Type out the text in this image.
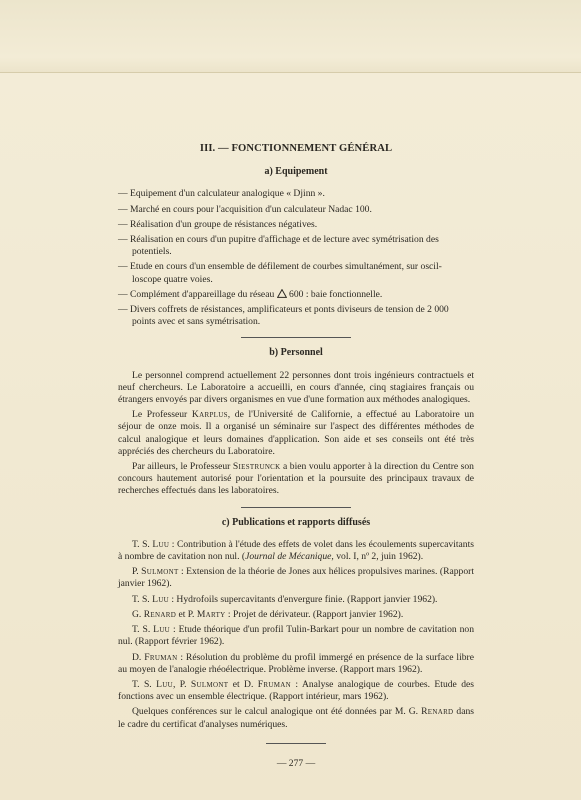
III. — FONCTIONNEMENT GÉNÉRAL
a) Equipement
— Equipement d'un calculateur analogique « Djinn ».
— Marché en cours pour l'acquisition d'un calculateur Nadac 100.
— Réalisation d'un groupe de résistances négatives.
— Réalisation en cours d'un pupitre d'affichage et de lecture avec symétrisation des
potentiels.
— Etude en cours d'un ensemble de défilement de courbes simultanément, sur oscil-
loscope quatre voies.
— Complément d'appareillage du réseau  600 : baie fonctionnelle.
— Divers coffrets de résistances, amplificateurs et ponts diviseurs de tension de 2 000
points avec et sans symétrisation.
b) Personnel

Le personnel comprend actuellement 22 personnes dont trois ingénieurs contractuels et neuf chercheurs. Le Laboratoire a accueilli, en cours d'année, cinq stagiaires français ou étrangers envoyés par divers organismes en vue d'une formation aux méthodes analogiques.

Le Professeur Karplus, de l'Université de Californie, a effectué au Laboratoire un séjour de onze mois. Il a organisé un séminaire sur l'aspect des différentes méthodes de calcul analogique et leurs domaines d'application. Son aide et ses conseils ont été très appréciés des chercheurs du Laboratoire.

Par ailleurs, le Professeur Siestrunck a bien voulu apporter à la direction du Centre son concours hautement autorisé pour l'orientation et la poursuite des principaux travaux de recherches effectués dans les laboratoires.

c) Publications et rapports diffusés

T. S. Luu : Contribution à l'étude des effets de volet dans les écoulements supercavitants à nombre de cavitation non nul. (Journal de Mécanique, vol. I, nº 2, juin 1962).

P. Sulmont : Extension de la théorie de Jones aux hélices propulsives marines. (Rapport janvier 1962).

T. S. Luu : Hydrofoils supercavitants d'envergure finie. (Rapport janvier 1962).

G. Renard et P. Marty : Projet de dérivateur. (Rapport janvier 1962).

T. S. Luu : Etude théorique d'un profil Tulin-Barkart pour un nombre de cavitation non nul. (Rapport février 1962).

D. Fruman : Résolution du problème du profil immergé en présence de la surface libre au moyen de l'analogie rhéoélectrique. Problème inverse. (Rapport mars 1962).

T. S. Luu, P. Sulmont et D. Fruman : Analyse analogique de courbes. Etude des fonctions avec un ensemble électrique. (Rapport intérieur, mars 1962).

Quelques conférences sur le calcul analogique ont été données par M. G. Renard dans le cadre du certificat d'analyses numériques.

— 277 —
